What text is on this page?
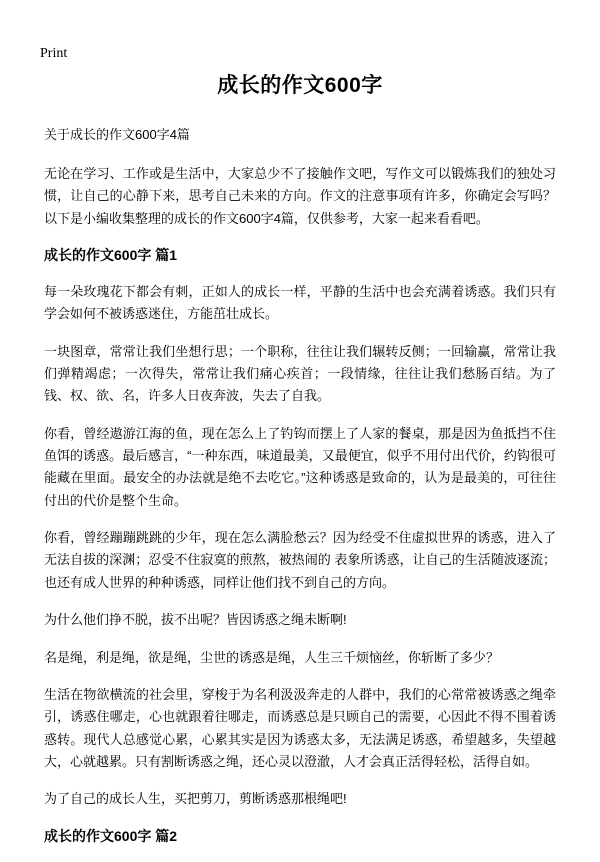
Print
成长的作文600字
关于成长的作文600字4篇

无论在学习、工作或是生活中，大家总少不了接触作文吧，写作文可以锻炼我们的独处习惯，让自己的心静下来，思考自己未来的方向。作文的注意事项有许多，你确定会写吗？以下是小编收集整理的成长的作文600字4篇，仅供参考，大家一起来看看吧。

成长的作文600字 篇1

每一朵玫瑰花下都会有刺，正如人的成长一样，平静的生活中也会充满着诱惑。我们只有学会如何不被诱惑迷住，方能茁壮成长。

一块图章，常常让我们坐想行思；一个职称，往往让我们辗转反侧；一回输赢，常常让我们弹精竭虑；一次得失，常常让我们痛心疾首；一段情缘，往往让我们愁肠百结。为了钱、权、欲、名，许多人日夜奔波，失去了自我。

你看，曾经遨游江海的鱼，现在怎么上了钓钩而摆上了人家的餐桌，那是因为鱼抵挡不住鱼饵的诱惑。最后感言，“一种东西，味道最美，又最便宜，似乎不用付出代价，约钩很可能藏在里面。最安全的办法就是绝不去吃它。”这种诱惑是致命的，认为是最美的，可往往付出的代价是整个生命。

你看，曾经蹦蹦跳跳的少年，现在怎么满脸愁云？因为经受不住虚拟世界的诱惑，进入了无法自拔的深渊；忍受不住寂寞的煎熬，被热闹的 表象所诱惑，让自己的生活随波逐流；也还有成人世界的种种诱惑，同样让他们找不到自己的方向。

为什么他们挣不脱，拔不出呢？皆因诱惑之绳未断啊!

名是绳，利是绳，欲是绳，尘世的诱惑是绳，人生三千烦恼丝，你斩断了多少？

生活在物欲横流的社会里，穿梭于为名利汲汲奔走的人群中，我们的心常常被诱惑之绳牵引，诱惑住哪走，心也就跟着往哪走，而诱惑总是只顾自己的需要，心因此不得不围着诱惑转。现代人总感觉心累，心累其实是因为诱惑太多，无法满足诱惑，希望越多，失望越大，心就越累。只有割断诱惑之绳，还心灵以澄澈，人才会真正活得轻松，活得自如。

为了自己的成长人生，买把剪刀，剪断诱惑那根绳吧!

成长的作文600字 篇2
